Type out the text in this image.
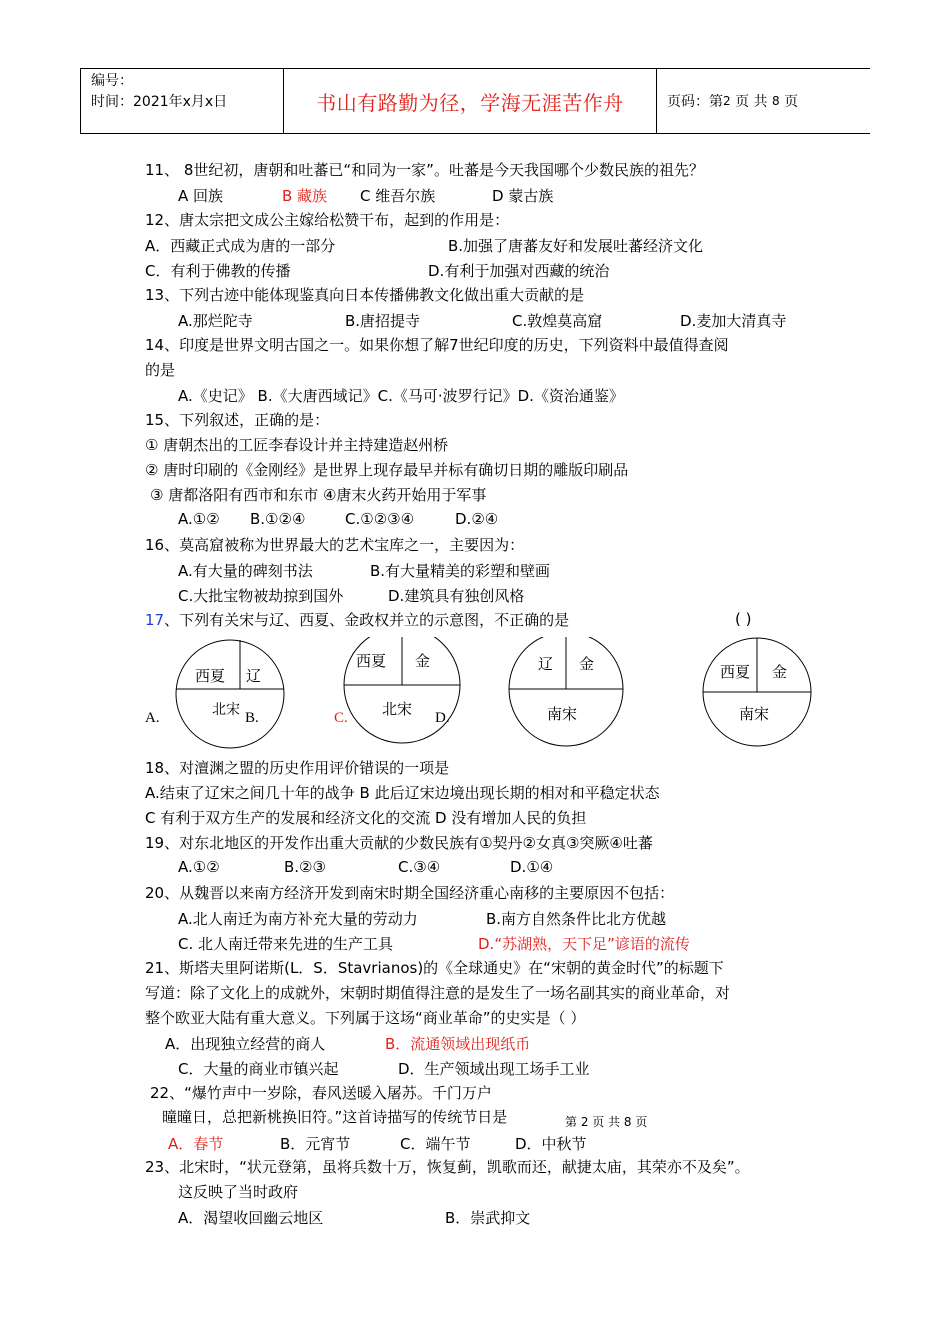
编号：
时间：2021年x月x日	书山有路勤为径，学海无涯苦作舟	页码：第 2
页 共
8
页
11、 8世纪初，唐朝和吐蕃已“和同为一家”。吐蕃是今天我国哪个少数民族的祖先？
A 回族	B 藏族 C 维吾尔族	D 蒙古族
12、唐太宗把文成公主嫁给松赞干布，起到的作用是：
A．西藏正式成为唐的一部分	B.加强了唐蕃友好和发展吐蕃经济文化
C．有利于佛教的传播	D.有利于加强对西藏的统治
13、下列古迹中能体现鉴真向日本传播佛教文化做出重大贡献的是
A.那烂陀寺	B.唐招提寺	C.敦煌莫高窟	D.麦加大清真寺
14、印度是世界文明古国之一。如果你想了解7世纪印度的历史，下列资料中最值得查阅
的是
A.《史记》 B.《大唐西域记》C.《马可·波罗行记》D.《资治通鉴》
15、下列叙述，正确的是：
① 唐朝杰出的工匠李春设计并主持建造赵州桥
② 唐时印刷的《金刚经》是世界上现存最早并标有确切日期的雕版印刷品
③ 唐都洛阳有西市和东市 ④唐末火药开始用于军事
A.①② B.①②④	C.①②③④	D.②④
16、莫高窟被称为世界最大的艺术宝库之一，主要因为：
A.有大量的碑刻书法	B.有大量精美的彩塑和壁画
C.大批宝物被劫掠到国外	D.建筑具有独创风格
17、下列有关宋与辽、西夏、金政权并立的示意图，不正确的是	( )
西夏 辽
北宋
西夏 金
北宋
辽 金
南宋
西夏 金
南宋
A.	B.	C.	D.
18、对澶渊之盟的历史作用评价错误的一项是
A.结束了辽宋之间几十年的战争 B 此后辽宋边境出现长期的相对和平稳定状态
C 有利于双方生产的发展和经济文化的交流 D 没有增加人民的负担
19、对东北地区的开发作出重大贡献的少数民族有①契丹②女真③突厥④吐蕃
A.①②	B.②③	C.③④	D.①④
20、从魏晋以来南方经济开发到南宋时期全国经济重心南移的主要原因不包括：
A.北人南迁为南方补充大量的劳动力	B.南方自然条件比北方优越
C. 北人南迁带来先进的生产工具	D.“苏湖熟，天下足”谚语的流传
21、斯塔夫里阿诺斯(L．S．Stavrianos)的《全球通史》在“宋朝的黄金时代”的标题下
写道：除了文化上的成就外，宋朝时期值得注意的是发生了一场名副其实的商业革命，对
整个欧亚大陆有重大意义。下列属于这场“商业革命”的史实是（ ）
A．出现独立经营的商人	B．流通领域出现纸币
C．大量的商业市镇兴起	D．生产领域出现工场手工业
22、“爆竹声中一岁除，春风送暖入屠苏。千门万户
曈曈日，总把新桃换旧符。”这首诗描写的传统节日是	第 2 页 共 8 页
A．春节	B．元宵节	C．端午节	D．中秋节
23、北宋时，“状元登第，虽将兵数十万，恢复蓟，凯歌而还，献捷太庙，其荣亦不及矣”。
这反映了当时政府
A．渴望收回幽云地区	B．崇武抑文
